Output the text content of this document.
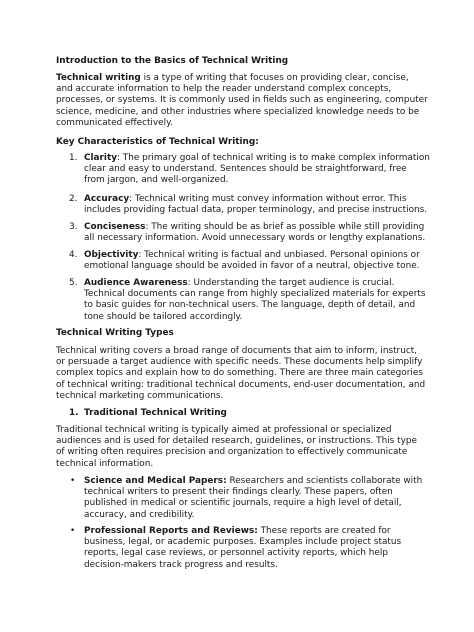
Introduction to the Basics of Technical Writing

Technical writing is a type of writing that focuses on providing clear, concise, and accurate information to help the reader understand complex concepts, processes, or systems. It is commonly used in fields such as engineering, computer science, medicine, and other industries where specialized knowledge needs to be communicated effectively.

Key Characteristics of Technical Writing:
1. Clarity: The primary goal of technical writing is to make complex information clear and easy to understand. Sentences should be straightforward, free from jargon, and well-organized.
2. Accuracy: Technical writing must convey information without error. This includes providing factual data, proper terminology, and precise instructions.
3. Conciseness: The writing should be as brief as possible while still providing all necessary information. Avoid unnecessary words or lengthy explanations.
4. Objectivity: Technical writing is factual and unbiased. Personal opinions or emotional language should be avoided in favor of a neutral, objective tone.
5. Audience Awareness: Understanding the target audience is crucial. Technical documents can range from highly specialized materials for experts to basic guides for non-technical users. The language, depth of detail, and tone should be tailored accordingly.
Technical Writing Types

Technical writing covers a broad range of documents that aim to inform, instruct, or persuade a target audience with specific needs. These documents help simplify complex topics and explain how to do something. There are three main categories of technical writing: traditional technical documents, end-user documentation, and technical marketing communications.

1. Traditional Technical Writing

Traditional technical writing is typically aimed at professional or specialized audiences and is used for detailed research, guidelines, or instructions. This type of writing often requires precision and organization to effectively communicate technical information.

• Science and Medical Papers: Researchers and scientists collaborate with technical writers to present their findings clearly. These papers, often published in medical or scientific journals, require a high level of detail, accuracy, and credibility.
• Professional Reports and Reviews: These reports are created for business, legal, or academic purposes. Examples include project status reports, legal case reviews, or personnel activity reports, which help decision-makers track progress and results.
